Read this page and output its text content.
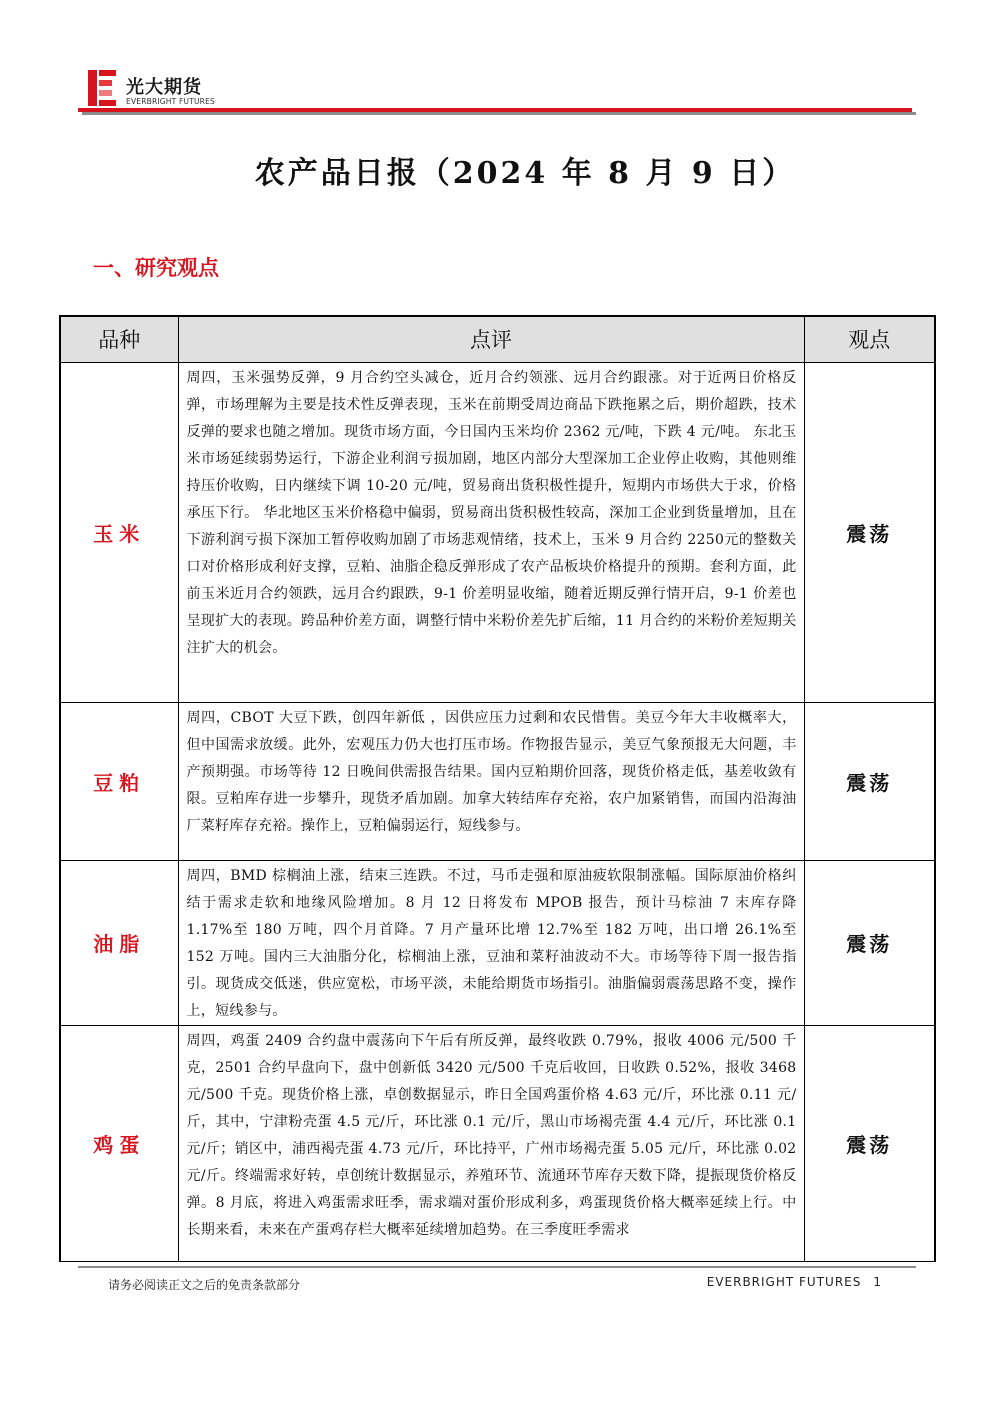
光大期货
EVERBRIGHT FUTURES
农产品日报（2024 年 8 月 9 日）
一、研究观点
品种	点评	观点
玉米	周四，玉米强势反弹，9 月合约空头减仓，近月合约领涨、远月合约跟涨。对于近两日价格反弹，市场理解为主要是技术性反弹表现，玉米在前期受周边商品下跌拖累之后，期价超跌，技术反弹的要求也随之增加。现货市场方面，今日国内玉米均价 2362 元/吨，下跌 4 元/吨。 东北玉米市场延续弱势运行，下游企业利润亏损加剧，地区内部分大型深加工企业停止收购，其他则维持压价收购，日内继续下调 10-20 元/吨，贸易商出货积极性提升，短期内市场供大于求，价格承压下行。 华北地区玉米价格稳中偏弱，贸易商出货积极性较高，深加工企业到货量增加，且在下游利润亏损下深加工暂停收购加剧了市场悲观情绪，技术上，玉米 9 月合约 2250元的整数关口对价格形成利好支撑，豆粕、油脂企稳反弹形成了农产品板块价格提升的预期。套利方面，此前玉米近月合约领跌，远月合约跟跌，9-1 价差明显收缩，随着近期反弹行情开启，9-1 价差也呈现扩大的表现。跨品种价差方面，调整行情中米粉价差先扩后缩，11 月合约的米粉价差短期关注扩大的机会。	震荡
豆粕	周四，CBOT 大豆下跌，创四年新低 ，因供应压力过剩和农民惜售。美豆今年大丰收概率大，但中国需求放缓。此外，宏观压力仍大也打压市场。作物报告显示，美豆气象预报无大问题，丰产预期强。市场等待 12 日晚间供需报告结果。国内豆粕期价回落，现货价格走低，基差收敛有限。豆粕库存进一步攀升，现货矛盾加剧。加拿大转结库存充裕，农户加紧销售，而国内沿海油厂菜籽库存充裕。操作上，豆粕偏弱运行，短线参与。	震荡
油脂	周四，BMD 棕榈油上涨，结束三连跌。不过，马币走强和原油疲软限制涨幅。国际原油价格纠结于需求走软和地缘风险增加。8 月 12 日将发布 MPOB 报告，预计马棕油 7 末库存降 1.17%至 180 万吨，四个月首降。7 月产量环比增 12.7%至 182 万吨，出口增 26.1%至 152 万吨。国内三大油脂分化，棕榈油上涨，豆油和菜籽油波动不大。市场等待下周一报告指引。现货成交低迷，供应宽松，市场平淡，未能给期货市场指引。油脂偏弱震荡思路不变，操作上，短线参与。	震荡
鸡蛋	周四，鸡蛋 2409 合约盘中震荡向下午后有所反弹，最终收跌 0.79%，报收 4006 元/500 千克，2501 合约早盘向下，盘中创新低 3420 元/500 千克后收回，日收跌 0.52%，报收 3468 元/500 千克。现货价格上涨，卓创数据显示，昨日全国鸡蛋价格 4.63 元/斤，环比涨 0.11 元/斤，其中，宁津粉壳蛋 4.5 元/斤，环比涨 0.1 元/斤，黑山市场褐壳蛋 4.4 元/斤，环比涨 0.1 元/斤；销区中，浦西褐壳蛋 4.73 元/斤，环比持平，广州市场褐壳蛋 5.05 元/斤，环比涨 0.02 元/斤。终端需求好转，卓创统计数据显示，养殖环节、流通环节库存天数下降，提振现货价格反弹。8 月底，将进入鸡蛋需求旺季，需求端对蛋价形成利多，鸡蛋现货价格大概率延续上行。中长期来看，未来在产蛋鸡存栏大概率延续增加趋势。在三季度旺季需求	震荡
请务必阅读正文之后的免责条款部分	EVERBRIGHT FUTURES 1
